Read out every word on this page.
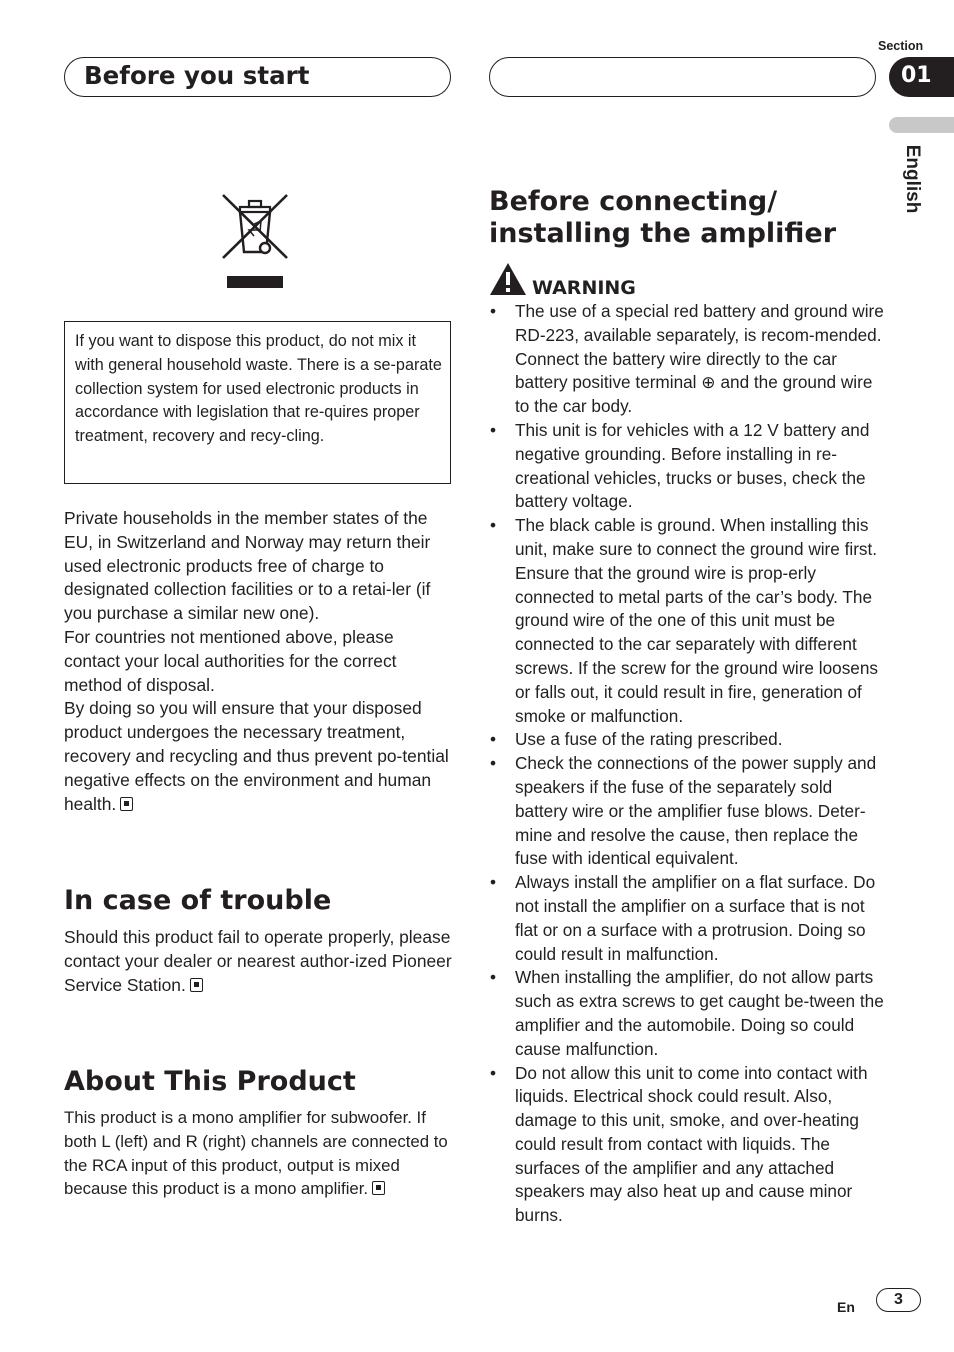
Before you start
Section
01
English
If you want to dispose this product, do not mix it with general household waste. There is a se-parate collection system for used electronic products in accordance with legislation that re-quires proper treatment, recovery and recy-cling.
Private households in the member states of the EU, in Switzerland and Norway may return their used electronic products free of charge to designated collection facilities or to a retai-ler (if you purchase a similar new one).
For countries not mentioned above, please contact your local authorities for the correct method of disposal.
By doing so you will ensure that your disposed product undergoes the necessary treatment, recovery and recycling and thus prevent po-tential negative effects on the environment and human health.
In case of trouble
Should this product fail to operate properly, please contact your dealer or nearest author-ized Pioneer Service Station.
About This Product
This product is a mono amplifier for subwoofer. If both L (left) and R (right) channels are connected to the RCA input of this product, output is mixed because this product is a mono amplifier.
Before connecting/
installing the amplifier
WARNING
• The use of a special red battery and ground wire RD-223, available separately, is recom-mended. Connect the battery wire directly to the car battery positive terminal ⊕ and the ground wire to the car body.
• This unit is for vehicles with a 12 V battery and negative grounding. Before installing in re-creational vehicles, trucks or buses, check the battery voltage.
• The black cable is ground. When installing this unit, make sure to connect the ground wire first. Ensure that the ground wire is prop-erly connected to metal parts of the car’s body. The ground wire of the one of this unit must be connected to the car separately with different screws. If the screw for the ground wire loosens or falls out, it could result in fire, generation of smoke or malfunction.
• Use a fuse of the rating prescribed.
• Check the connections of the power supply and speakers if the fuse of the separately sold battery wire or the amplifier fuse blows. Deter-mine and resolve the cause, then replace the fuse with identical equivalent.
• Always install the amplifier on a flat surface. Do not install the amplifier on a surface that is not flat or on a surface with a protrusion. Doing so could result in malfunction.
• When installing the amplifier, do not allow parts such as extra screws to get caught be-tween the amplifier and the automobile. Doing so could cause malfunction.
• Do not allow this unit to come into contact with liquids. Electrical shock could result. Also, damage to this unit, smoke, and over-heating could result from contact with liquids. The surfaces of the amplifier and any attached speakers may also heat up and cause minor burns.
En	3
